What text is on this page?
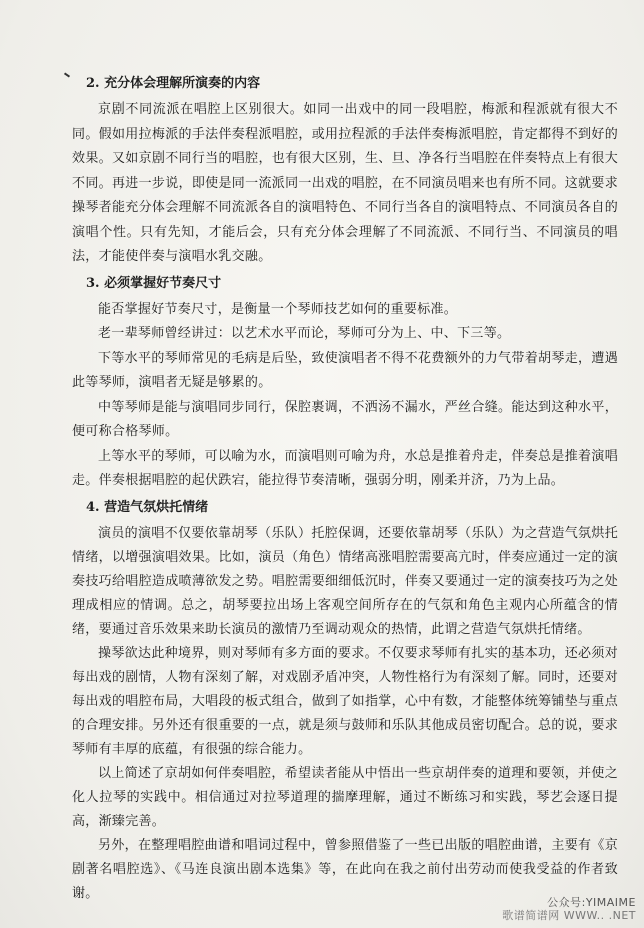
2. 充分体会理解所演奏的内容

京剧不同流派在唱腔上区别很大。如同一出戏中的同一段唱腔，梅派和程派就有很大不同。假如用拉梅派的手法伴奏程派唱腔，或用拉程派的手法伴奏梅派唱腔，肯定都得不到好的效果。又如京剧不同行当的唱腔，也有很大区别，生、旦、净各行当唱腔在伴奏特点上有很大不同。再进一步说，即使是同一流派同一出戏的唱腔，在不同演员唱来也有所不同。这就要求操琴者能充分体会理解不同流派各自的演唱特色、不同行当各自的演唱特点、不同演员各自的演唱个性。只有先知，才能后会，只有充分体会理解了不同流派、不同行当、不同演员的唱法，才能使伴奏与演唱水乳交融。

3. 必须掌握好节奏尺寸

能否掌握好节奏尺寸，是衡量一个琴师技艺如何的重要标准。

老一辈琴师曾经讲过：以艺术水平而论，琴师可分为上、中、下三等。

下等水平的琴师常见的毛病是后坠，致使演唱者不得不花费额外的力气带着胡琴走，遭遇此等琴师，演唱者无疑是够累的。

中等琴师是能与演唱同步同行，保腔裹调，不洒汤不漏水，严丝合缝。能达到这种水平，便可称合格琴师。

上等水平的琴师，可以喻为水，而演唱则可喻为舟，水总是推着舟走，伴奏总是推着演唱走。伴奏根据唱腔的起伏跌宕，能拉得节奏清晰，强弱分明，刚柔并济，乃为上品。

4. 营造气氛烘托情绪

演员的演唱不仅要依靠胡琴（乐队）托腔保调，还要依靠胡琴（乐队）为之营造气氛烘托情绪，以增强演唱效果。比如，演员（角色）情绪高涨唱腔需要高亢时，伴奏应通过一定的演奏技巧给唱腔造成喷薄欲发之势。唱腔需要细细低沉时，伴奏又要通过一定的演奏技巧为之处理成相应的情调。总之，胡琴要拉出场上客观空间所存在的气氛和角色主观内心所蕴含的情绪，要通过音乐效果来助长演员的激情乃至调动观众的热情，此谓之营造气氛烘托情绪。

操琴欲达此种境界，则对琴师有多方面的要求。不仅要求琴师有扎实的基本功，还必须对每出戏的剧情，人物有深刻了解，对戏剧矛盾冲突，人物性格行为有深刻了解。同时，还要对每出戏的唱腔布局，大唱段的板式组合，做到了如指掌，心中有数，才能整体统筹铺垫与重点的合理安排。另外还有很重要的一点，就是须与鼓师和乐队其他成员密切配合。总的说，要求琴师有丰厚的底蕴，有很强的综合能力。

以上简述了京胡如何伴奏唱腔，希望读者能从中悟出一些京胡伴奏的道理和要领，并使之化人拉琴的实践中。相信通过对拉琴道理的揣摩理解，通过不断练习和实践，琴艺会逐日提高，渐臻完善。

另外，在整理唱腔曲谱和唱词过程中，曾参照借鉴了一些已出版的唱腔曲谱，主要有《京剧著名唱腔选》、《马连良演出剧本选集》等，在此向在我之前付出劳动而使我受益的作者致谢。

公众号:YIMAIME
歌谱简谱网 WWW.. .NET
